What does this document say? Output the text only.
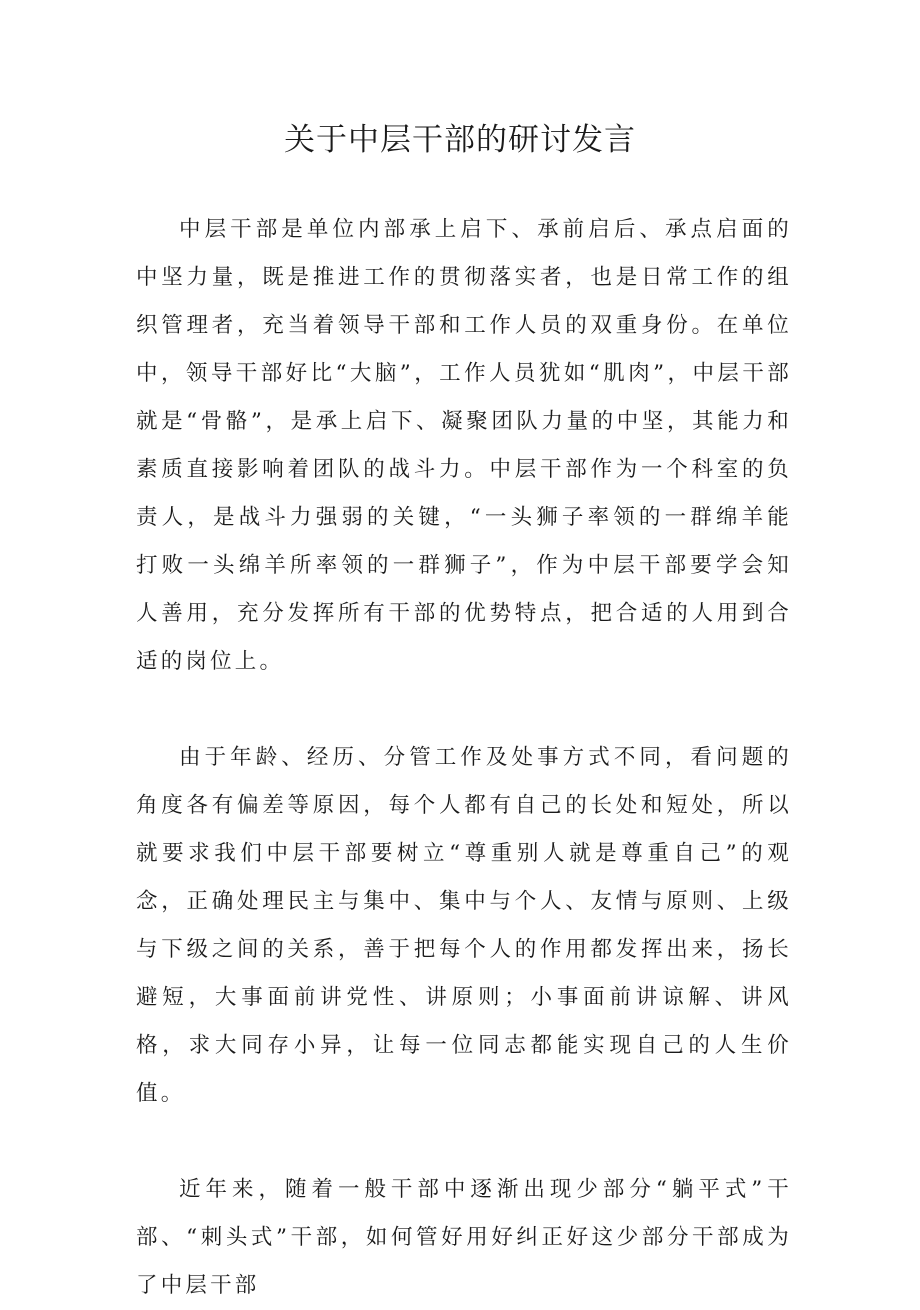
关于中层干部的研讨发言

中层干部是单位内部承上启下、承前启后、承点启面的中坚力量，既是推进工作的贯彻落实者，也是日常工作的组织管理者，充当着领导干部和工作人员的双重身份。在单位中，领导干部好比“大脑”，工作人员犹如“肌肉”，中层干部就是“骨骼”，是承上启下、凝聚团队力量的中坚，其能力和素质直接影响着团队的战斗力。中层干部作为一个科室的负责人，是战斗力强弱的关键，“一头狮子率领的一群绵羊能打败一头绵羊所率领的一群狮子”，作为中层干部要学会知人善用，充分发挥所有干部的优势特点，把合适的人用到合适的岗位上。

由于年龄、经历、分管工作及处事方式不同，看问题的角度各有偏差等原因，每个人都有自己的长处和短处，所以就要求我们中层干部要树立“尊重别人就是尊重自己”的观念，正确处理民主与集中、集中与个人、友情与原则、上级与下级之间的关系，善于把每个人的作用都发挥出来，扬长避短，大事面前讲党性、讲原则；小事面前讲谅解、讲风格，求大同存小异，让每一位同志都能实现自己的人生价值。

近年来，随着一般干部中逐渐出现少部分“躺平式”干部、“刺头式”干部，如何管好用好纠正好这少部分干部成为了中层干部
